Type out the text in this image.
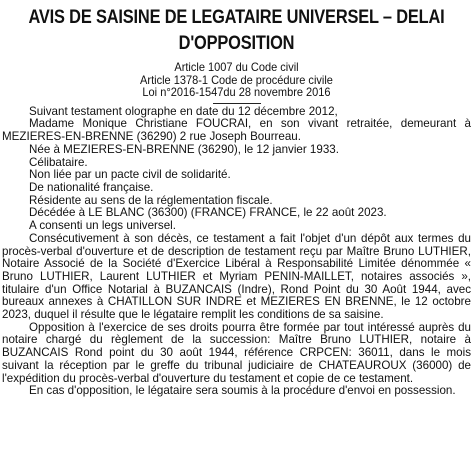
AVIS DE SAISINE DE LEGATAIRE UNIVERSEL – DELAI D'OPPOSITION
Article 1007 du Code civil
Article 1378-1 Code de procédure civile
Loi n°2016-1547du 28 novembre 2016

Suivant testament olographe en date du 12 décembre 2012,

Madame Monique Christiane FOUCRAI, en son vivant retraitée, demeurant à MEZIERES-EN-BRENNE (36290) 2 rue Joseph Bourreau.

Née à MEZIERES-EN-BRENNE (36290), le 12 janvier 1933.

Célibataire.

Non liée par un pacte civil de solidarité.

De nationalité française.

Résidente au sens de la réglementation fiscale.

Décédée à LE BLANC (36300) (FRANCE) FRANCE, le 22 août 2023.

A consenti un legs universel.

Consécutivement à son décès, ce testament a fait l'objet d'un dépôt aux termes du procès-verbal d'ouverture et de description de testament reçu par Maître Bruno LUTHIER, Notaire Associé de la Société d'Exercice Libéral à Responsabilité Limitée dénommée « Bruno LUTHIER, Laurent LUTHIER et Myriam PENIN-MAILLET, notaires associés », titulaire d'un Office Notarial à BUZANCAIS (Indre), Rond Point du 30 Août 1944, avec bureaux annexes à CHATILLON SUR INDRE et MEZIERES EN BRENNE, le 12 octobre 2023, duquel il résulte que le légataire remplit les conditions de sa saisine.

Opposition à l'exercice de ses droits pourra être formée par tout intéressé auprès du notaire chargé du règlement de la succession: Maître Bruno LUTHIER, notaire à BUZANCAIS Rond point du 30 août 1944, référence CRPCEN: 36011, dans le mois suivant la réception par le greffe du tribunal judiciaire de CHATEAUROUX (36000) de l'expédition du procès-verbal d'ouverture du testament et copie de ce testament.

En cas d'opposition, le légataire sera soumis à la procédure d'envoi en possession.
